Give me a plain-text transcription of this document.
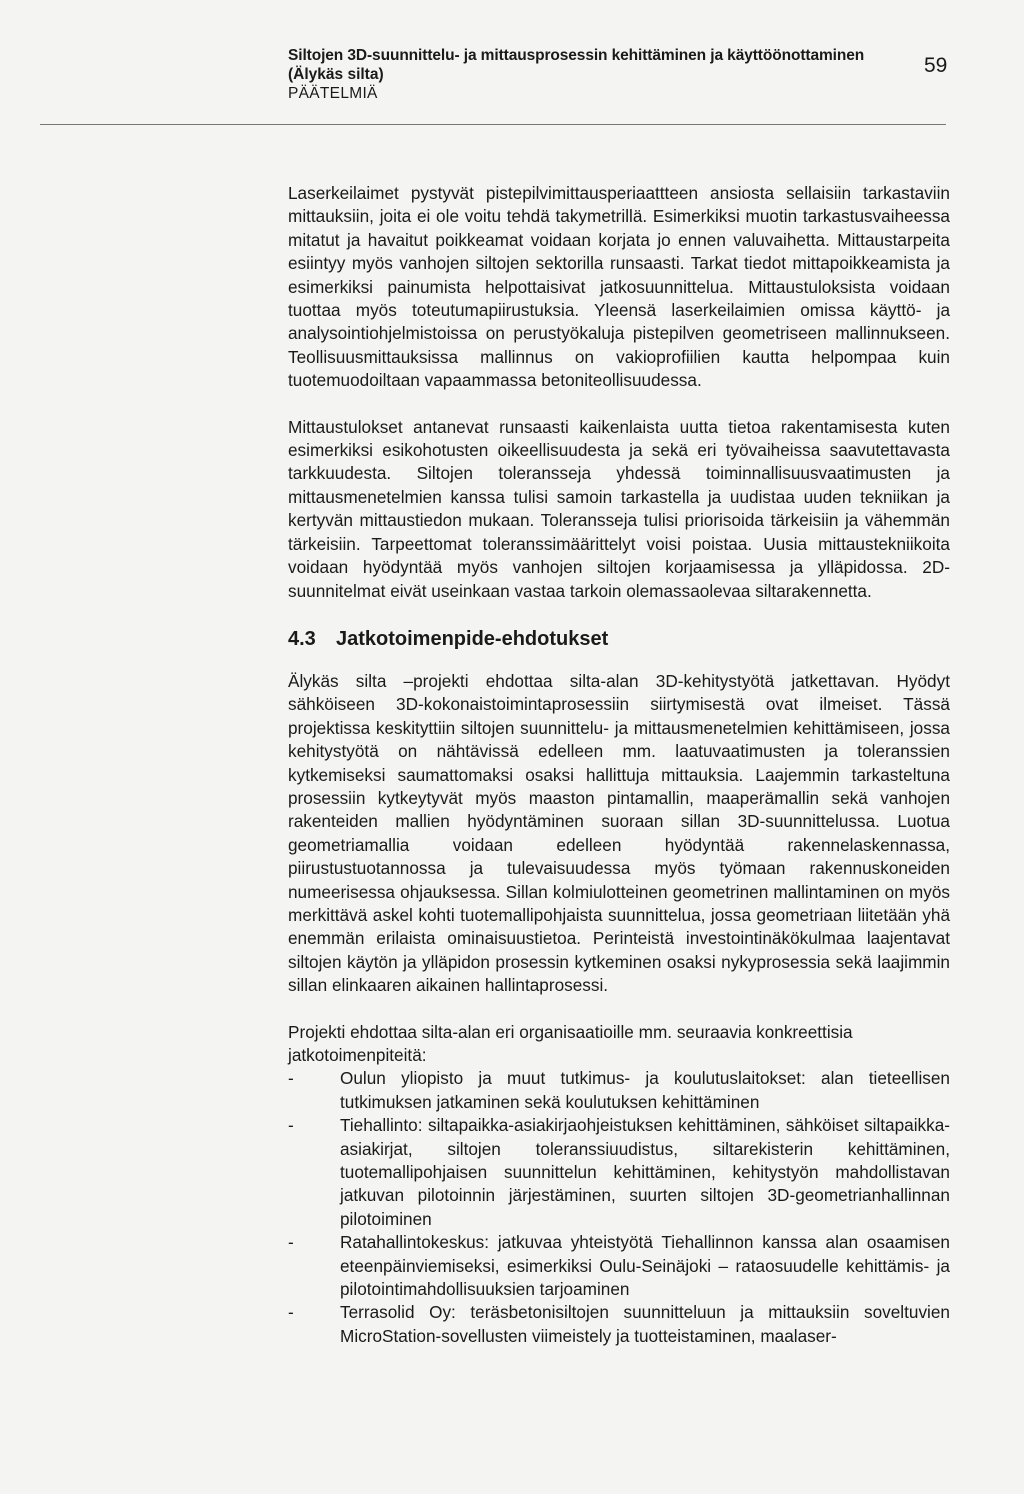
Siltojen 3D-suunnittelu- ja mittausprosessin kehittäminen ja käyttöönottaminen
(Älykäs silta)
PÄÄTELMIÄ
59

Laserkeilaimet pystyvät pistepilvimittausperiaattteen ansiosta sellaisiin tarkastaviin mittauksiin, joita ei ole voitu tehdä takymetrillä. Esimerkiksi muotin tarkastusvaiheessa mitatut ja havaitut poikkeamat voidaan korjata jo ennen valuvaihetta. Mittaustarpeita esiintyy myös vanhojen siltojen sektorilla runsaasti. Tarkat tiedot mittapoikkeamista ja esimerkiksi painumista helpottaisivat jatkosuunnittelua. Mittaustuloksista voidaan tuottaa myös toteutumapiirustuksia. Yleensä laserkeilaimien omissa käyttö- ja analysointiohjelmistoissa on perustyökaluja pistepilven geometriseen mallinnukseen. Teollisuusmittauksissa mallinnus on vakioprofiilien kautta helpompaa kuin tuotemuodoiltaan vapaammassa betoniteollisuudessa.

Mittaustulokset antanevat runsaasti kaikenlaista uutta tietoa rakentamisesta kuten esimerkiksi esikohotusten oikeellisuudesta ja sekä eri työvaiheissa saavutettavasta tarkkuudesta. Siltojen toleransseja yhdessä toiminnallisuusvaatimusten ja mittausmenetelmien kanssa tulisi samoin tarkastella ja uudistaa uuden tekniikan ja kertyvän mittaustiedon mukaan. Toleransseja tulisi priorisoida tärkeisiin ja vähemmän tärkeisiin. Tarpeettomat toleranssimäärittelyt voisi poistaa. Uusia mittaustekniikoita voidaan hyödyntää myös vanhojen siltojen korjaamisessa ja ylläpidossa. 2D-suunnitelmat eivät useinkaan vastaa tarkoin olemassaolevaa siltarakennetta.

4.3 Jatkotoimenpide-ehdotukset

Älykäs silta –projekti ehdottaa silta-alan 3D-kehitystyötä jatkettavan. Hyödyt sähköiseen 3D-kokonaistoimintaprosessiin siirtymisestä ovat ilmeiset. Tässä projektissa keskityttiin siltojen suunnittelu- ja mittausmenetelmien kehittämiseen, jossa kehitystyötä on nähtävissä edelleen mm. laatuvaatimusten ja toleranssien kytkemiseksi saumattomaksi osaksi hallittuja mittauksia. Laajemmin tarkasteltuna prosessiin kytkeytyvät myös maaston pintamallin, maaperämallin sekä vanhojen rakenteiden mallien hyödyntäminen suoraan sillan 3D-suunnittelussa. Luotua geometriamallia voidaan edelleen hyödyntää rakennelaskennassa, piirustustuotannossa ja tulevaisuudessa myös työmaan rakennuskoneiden numeerisessa ohjauksessa. Sillan kolmiulotteinen geometrinen mallintaminen on myös merkittävä askel kohti tuotemallipohjaista suunnittelua, jossa geometriaan liitetään yhä enemmän erilaista ominaisuustietoa. Perinteistä investointinäkökulmaa laajentavat siltojen käytön ja ylläpidon prosessin kytkeminen osaksi nykyprosessia sekä laajimmin sillan elinkaaren aikainen hallintaprosessi.

Projekti ehdottaa silta-alan eri organisaatioille mm. seuraavia konkreettisia jatkotoimenpiteitä:

-	Oulun yliopisto ja muut tutkimus- ja koulutuslaitokset: alan tieteellisen tutkimuksen jatkaminen sekä koulutuksen kehittäminen
-	Tiehallinto: siltapaikka-asiakirjaohjeistuksen kehittäminen, sähköiset siltapaikka-asiakirjat, siltojen toleranssiuudistus, siltarekisterin kehittäminen, tuotemallipohjaisen suunnittelun kehittäminen, kehitystyön mahdollistavan jatkuvan pilotoinnin järjestäminen, suurten siltojen 3D-geometrianhallinnan pilotoiminen
-	Ratahallintokeskus: jatkuvaa yhteistyötä Tiehallinnon kanssa alan osaamisen eteenpäinviemiseksi, esimerkiksi Oulu-Seinäjoki – rataosuudelle kehittämis- ja pilotointimahdollisuuksien tarjoaminen
-	Terrasolid Oy: teräsbetonisiltojen suunnitteluun ja mittauksiin soveltuvien MicroStation-sovellusten viimeistely ja tuotteistaminen, maalaser-
